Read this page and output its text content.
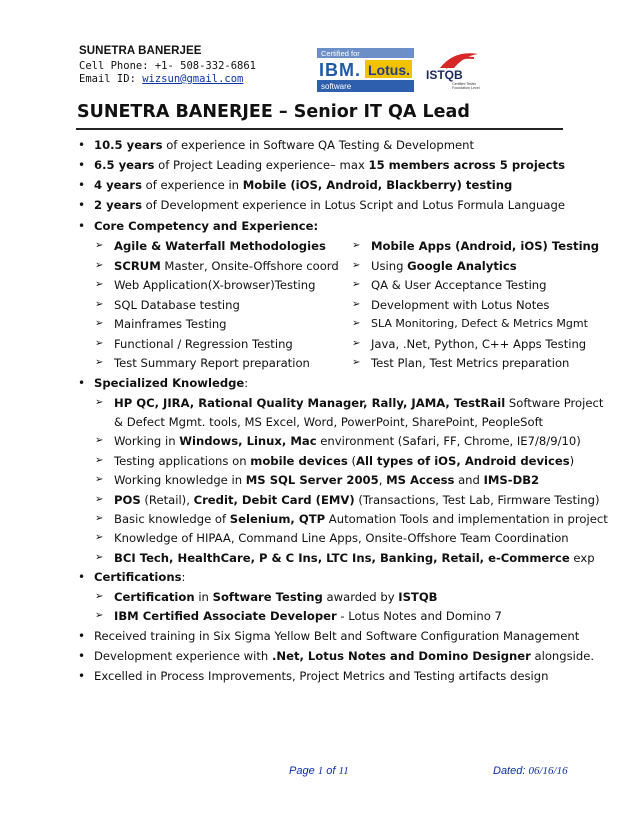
SUNETRA BANERJEE
Cell Phone: +1- 508-332-6861
Email ID: wizsun@gmail.com
Certified for
IBM. Lotus.
software
ISTQB
Certified Tester
Foundation Level
SUNETRA BANERJEE – Senior IT QA Lead
• 10.5 years of experience in Software QA Testing & Development
• 6.5 years of Project Leading experience– max 15 members across 5 projects
• 4 years of experience in Mobile (iOS, Android, Blackberry) testing
• 2 years of Development experience in Lotus Script and Lotus Formula Language
• Core Competency and Experience:
➢ Agile & Waterfall Methodologies
➢ SCRUM Master, Onsite-Offshore coord
➢ Web Application(X-browser)Testing
➢ SQL Database testing
➢ Mainframes Testing
➢ Functional / Regression Testing
➢ Test Summary Report preparation
➢ Mobile Apps (Android, iOS) Testing
➢ Using Google Analytics
➢ QA & User Acceptance Testing
➢ Development with Lotus Notes
➢ SLA Monitoring, Defect & Metrics Mgmt
➢ Java, .Net, Python, C++ Apps Testing
➢ Test Plan, Test Metrics preparation
• Specialized Knowledge:
➢ HP QC, JIRA, Rational Quality Manager, Rally, JAMA, TestRail Software Project
& Defect Mgmt. tools, MS Excel, Word, PowerPoint, SharePoint, PeopleSoft
➢ Working in Windows, Linux, Mac environment (Safari, FF, Chrome, IE7/8/9/10)
➢ Testing applications on mobile devices (All types of iOS, Android devices)
➢ Working knowledge in MS SQL Server 2005, MS Access and IMS-DB2
➢ POS (Retail), Credit, Debit Card (EMV) (Transactions, Test Lab, Firmware Testing)
➢ Basic knowledge of Selenium, QTP Automation Tools and implementation in project
➢ Knowledge of HIPAA, Command Line Apps, Onsite-Offshore Team Coordination
➢ BCI Tech, HealthCare, P & C Ins, LTC Ins, Banking, Retail, e-Commerce exp
• Certifications:
➢ Certification in Software Testing awarded by ISTQB
➢ IBM Certified Associate Developer - Lotus Notes and Domino 7
• Received training in Six Sigma Yellow Belt and Software Configuration Management
• Development experience with .Net, Lotus Notes and Domino Designer alongside.
• Excelled in Process Improvements, Project Metrics and Testing artifacts design
Page 1 of 11	Dated: 06/16/16
